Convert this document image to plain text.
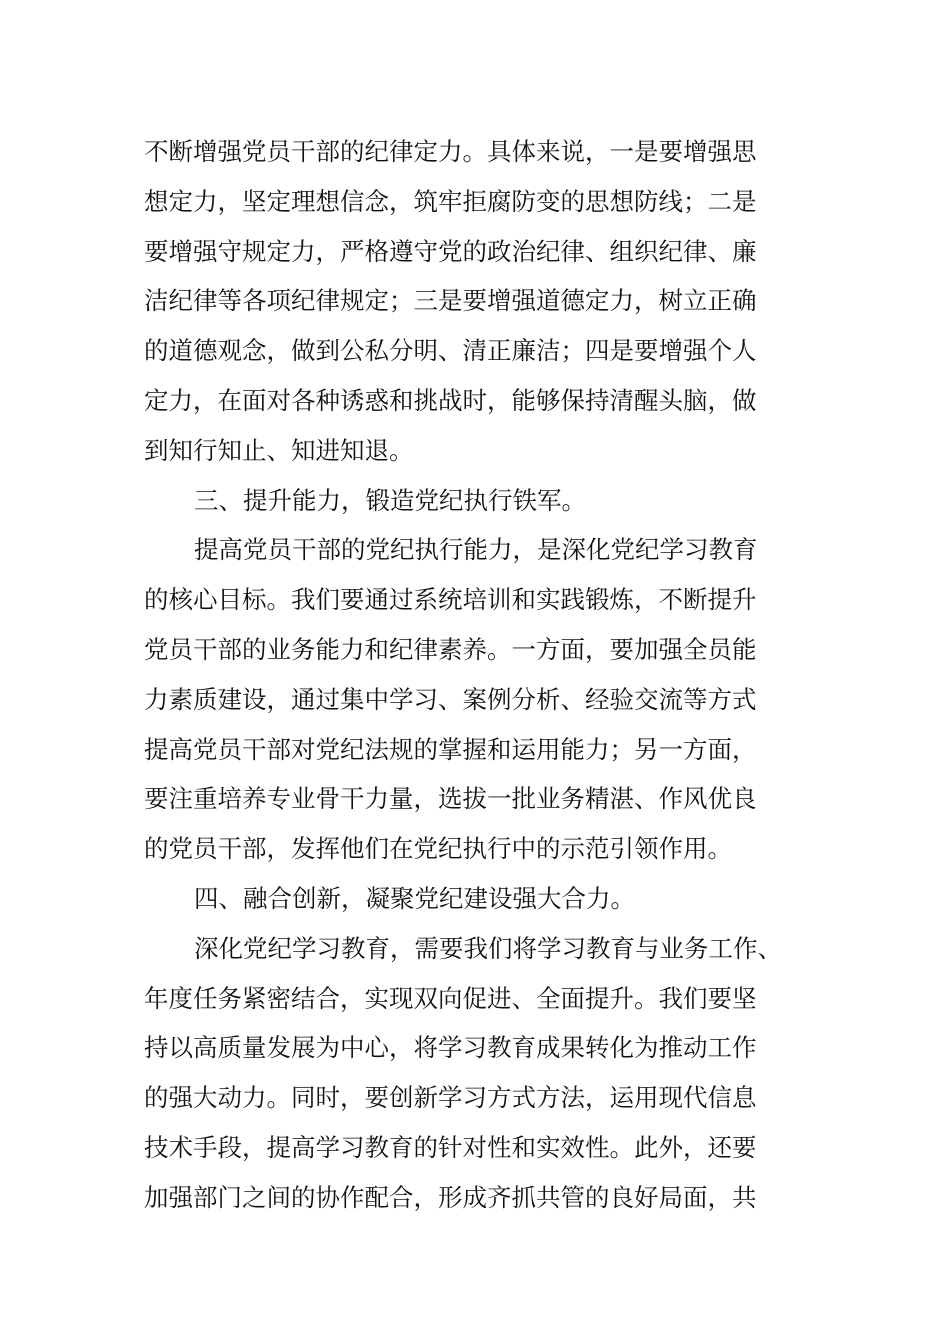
不断增强党员干部的纪律定力。具体来说，一是要增强思
想定力，坚定理想信念，筑牢拒腐防变的思想防线；二是
要增强守规定力，严格遵守党的政治纪律、组织纪律、廉
洁纪律等各项纪律规定；三是要增强道德定力，树立正确
的道德观念，做到公私分明、清正廉洁；四是要增强个人
定力，在面对各种诱惑和挑战时，能够保持清醒头脑，做
到知行知止、知进知退。
三、提升能力，锻造党纪执行铁军。
提高党员干部的党纪执行能力，是深化党纪学习教育
的核心目标。我们要通过系统培训和实践锻炼，不断提升
党员干部的业务能力和纪律素养。一方面，要加强全员能
力素质建设，通过集中学习、案例分析、经验交流等方式
提高党员干部对党纪法规的掌握和运用能力；另一方面，
要注重培养专业骨干力量，选拔一批业务精湛、作风优良
的党员干部，发挥他们在党纪执行中的示范引领作用。
四、融合创新，凝聚党纪建设强大合力。
深化党纪学习教育，需要我们将学习教育与业务工作、
年度任务紧密结合，实现双向促进、全面提升。我们要坚
持以高质量发展为中心，将学习教育成果转化为推动工作
的强大动力。同时，要创新学习方式方法，运用现代信息
技术手段，提高学习教育的针对性和实效性。此外，还要
加强部门之间的协作配合，形成齐抓共管的良好局面，共
